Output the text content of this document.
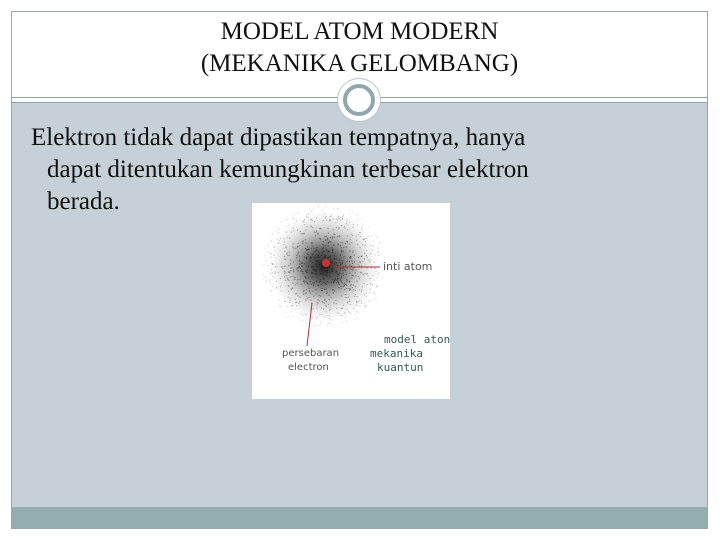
MODEL ATOM MODERN
(MEKANIKA GELOMBANG)
Elektron tidak dapat dipastikan tempatnya, hanya
dapat ditentukan kemungkinan terbesar elektron
berada.
inti atom
persebaran
electron
model aton
mekanika
kuantun
